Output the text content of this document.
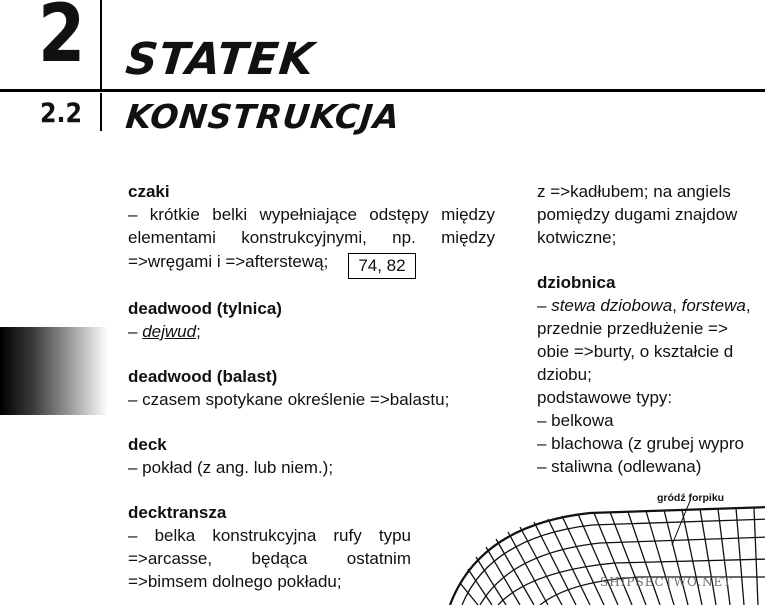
2 STATEK
2.2 KONSTRUKCJA

czaki

– krótkie belki wypełniające odstępy między elementami konstrukcyjnymi, np. między =>wręgami i =>afterstewą; 74, 82

deadwood (tylnica)

– dejwud;

deadwood (balast)

– czasem spotykane określenie =>balastu;

deck

– pokład (z ang. lub niem.);

decktransza

– belka konstrukcyjna rufy typu =>arcasse, będąca ostatnim =>bimsem dolnego pokładu;

z =>kadłubem; na angiels

pomiędzy dugami znajdow

kotwiczne;

dziobnica

– stewa dziobowa, forstewa,

przednie przedłużenie =>

obie =>burty, o kształcie d

dziobu;

podstawowe typy:

– belkowa

– blachowa (z grubej wypro

– staliwna (odlewana)

gródź forpiku
SHIPSECTWO.NET
